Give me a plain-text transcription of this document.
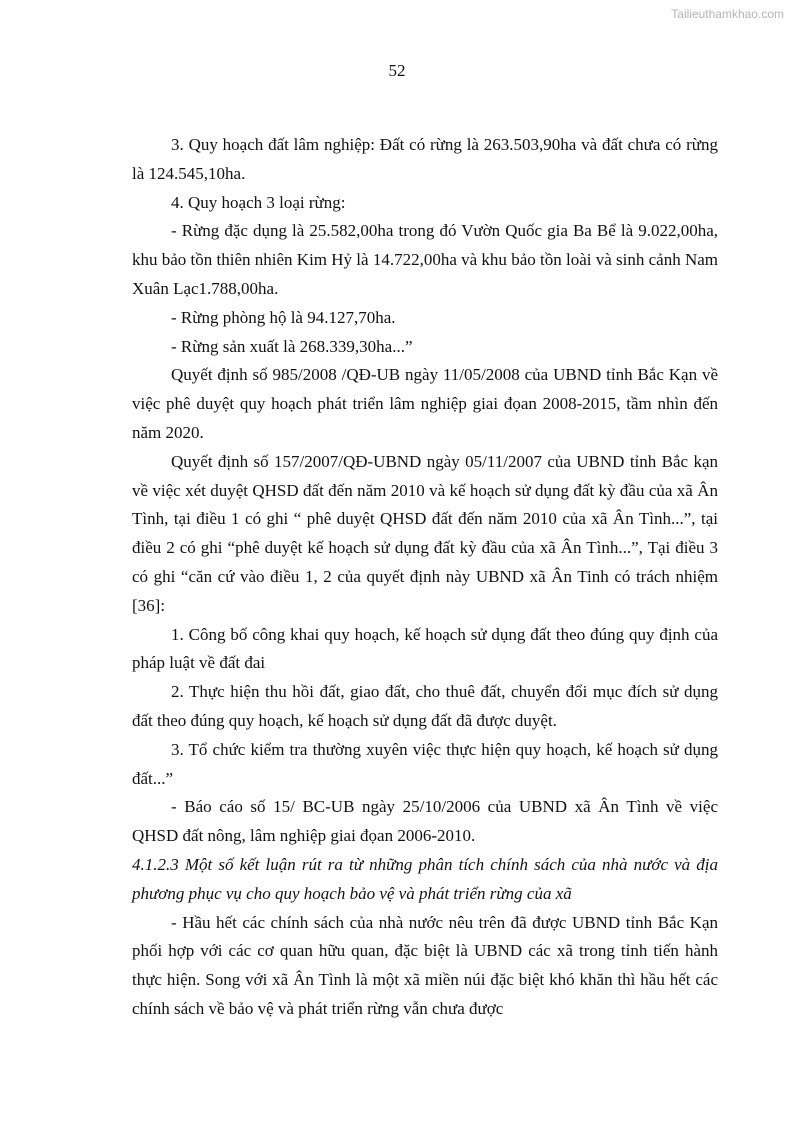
Tailieuthamkhao.com
52

3. Quy hoạch đất lâm nghiệp: Đất có rừng là 263.503,90ha và đất chưa có rừng là 124.545,10ha.

4. Quy hoạch 3 loại rừng:

- Rừng đặc dụng là 25.582,00ha trong đó Vườn Quốc gia Ba Bể là 9.022,00ha, khu bảo tồn thiên nhiên Kim Hỷ là 14.722,00ha và khu bảo tồn loài và sinh cảnh Nam Xuân Lạc1.788,00ha.

- Rừng phòng hộ là 94.127,70ha.

- Rừng sản xuất là 268.339,30ha...”

Quyết định số 985/2008 /QĐ-UB ngày 11/05/2008 của UBND tỉnh Bắc Kạn về việc phê duyệt quy hoạch phát triển lâm nghiệp giai đọan 2008-2015, tầm nhìn đến năm 2020.

Quyết định số 157/2007/QĐ-UBND ngày 05/11/2007 của UBND tỉnh Bắc kạn về việc xét duyệt QHSD đất đến năm 2010 và kế hoạch sử dụng đất kỳ đầu của xã Ân Tình, tại điều 1 có ghi “ phê duyệt QHSD đất đến năm 2010 của xã Ân Tình...”, tại điều 2 có ghi “phê duyệt kế hoạch sử dụng đất kỳ đầu của xã Ân Tình...”, Tại điều 3 có ghi “căn cứ vào điều 1, 2 của quyết định này UBND xã Ân Tinh có trách nhiệm [36]:

1. Công bố công khai quy hoạch, kế hoạch sử dụng đất theo đúng quy định của pháp luật về đất đai

2. Thực hiện thu hồi đất, giao đất, cho thuê đất, chuyển đổi mục đích sử dụng đất theo đúng quy hoạch, kế hoạch sử dụng đất đã được duyệt.

3. Tổ chức kiểm tra thường xuyên việc thực hiện quy hoạch, kế hoạch sử dụng đất...”

- Báo cáo số 15/ BC-UB ngày 25/10/2006 của UBND xã Ân Tình về việc QHSD đất nông, lâm nghiệp giai đọan 2006-2010.

4.1.2.3 Một số kết luận rút ra từ những phân tích chính sách của nhà nước và địa phương phục vụ cho quy hoạch bảo vệ và phát triển rừng của xã

- Hầu hết các chính sách của nhà nước nêu trên đã được UBND tỉnh Bắc Kạn phối hợp với các cơ quan hữu quan, đặc biệt là UBND các xã trong tỉnh tiến hành thực hiện. Song với xã Ân Tình là một xã miền núi đặc biệt khó khăn thì hầu hết các chính sách về bảo vệ và phát triển rừng vẫn chưa được
